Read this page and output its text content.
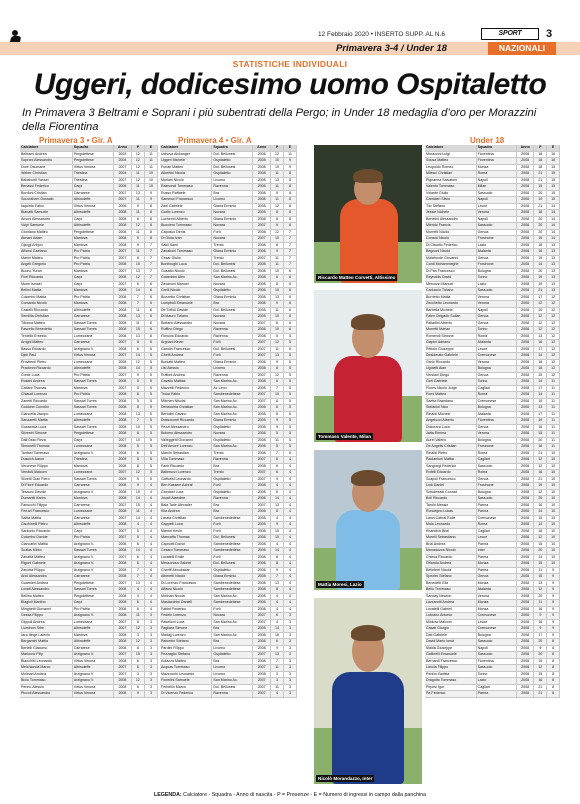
12 Febbraio 2020 • INSERTO SUPP. AL N.6	SPORT	3
Primavera 3-4 / Under 18	NAZIONALI
STATISTICHE INDIVIDUALI
Uggeri, dodicesimo uomo Ospitaletto

In Primavera 3 Beltrami e Soprani i più subentrati della Pergo; in Under 18 medaglia d’oro per Morazzini della Fiorentina

Primavera 3 • Gir. A	Primavera 4 • Gir. A	Under 18
Calciatore	Squadra	Anno	P	E
Beltrami Andrea	Pergolettese	2003	12	11
Soprani Alessandro	Pergolettese	2004	12	11
Dore Osumane	Virtus Verona	2007	12	11
Weber Christian	Triestina	2004	11	10
Bababoeli Yasser	Triestina	2007	12	10
Benassi Federico	Carpi	2006	11	10
Bordoni Cristian	Carrarese	2007	13	9
Souvrahem Oussalo	Albinoleffe	2007	11	9
Iaquinta Fabio	Virtus Verona	2006	9	8
Bianatti Samuele	Albinoleffe	2008	11	8
Amoni Alessandro	Carpi	2008	8	8
Volpi Samuele	Albinoleffe	2008	12	8
Giordano Matteo	Pergolettese	2008	11	8
Atmani Adam	Mantova	2008	9	8
Gjergji Arbjon	Mantova	2008	9	7
Alfonsi Gaetano	Pro Patria	2007	11	7
Marini Matteo	Pro Patria	2007	8	7
Angeli Gregorio	Pro Patria	2008	10	7
Buono Yuran	Mantova	2007	13	7
Fiori Riccardo	Carpi	2008	12	7
Mone Ismael	Carpi	2007	6	6
Bellini Mattia	Mantova	2008	14	6
Colombo Mattia	Pro Patria	2008	7	6
Comardo Nicolò	Mantova	2008	7	6
Castelli Riccardo	Albinoleffe	2008	11	6
Semillia Christian	Carrarese	2008	13	6
Tiliocca Matteo	Sassari Torres	2008	11	6
Fascello Benedetto	Sassari Torres	2008	15	6
Teniello Ernesto	Lumezzane	2008	13	6
Arrighi Matteo	Carrarese	2007	8	6
Basso Edoardo	Arzignano V.	2008	6	6
Djeli Paul	Virtus Verona	2007	14	5
Provitenti Pietro	Lumezzane	2008	12	5
Pradonni Riccardo	Albinoleffe	2008	14	5
Conte Luca	Pro Patria	2007	9	5
Rosani Andrea	Sassari Torres	2008	5	5
Cattani Thomas	Mantova	2007	5	5
Chiaudi Lorenzo	Pro Patria	2008	8	5
Zanetti Riccardo	Sassari Torres	2008	5	5
Goldone Cornelio	Sassari Torres	2008	8	5
Ciancella Jacopo	Lumezzane	2008	13	5
Sanzarelli Mattia	Albinoleffe	2008	7	5
Gossedda Luca	Sassari Torres	2008	10	5
Silvestri Simone	Pergolettese	2008	8	5
Dall’Osso Reza	Carpi	2007	10	5
Simonelli Thomas	Lumezzane	2008	5	5
Tanfani Tommaso	Arzignano V.	2008	6	5
Duscich Aaron	Triestina	2009	5	5
Veronese Filippo	Mantova	2008	8	5
Venduti Malcom	Lumezzane	2007	12	5
Silvetti Gian Piero	Sassari Torres	2009	5	5
Di Fiore Edoardo	Carrarese	2008	9	4
Tesauro Davide	Arzignano V.	2008	10	4
Dumaniti Karim	Mantova	2008	14	4
Fanucchi Filippo	Carrarese	2007	15	4
Ferrari Francesco	Lumezzane	2008	11	4
Saltta Mattia	Carrarese	2007	14	4
Cischinelli Pietro	Albinoleffe	2008	4	4
Santonio Riccardo	Carpi	2007	5	4
Colombo Davide	Pro Patria	2007	5	4
Ciancarini Mattia	Arzignano V.	2008	6	4
Scalas Mirko	Sassari Torres	2008	14	4
Zanatta Matteo	Arzignano V.	2007	6	4
Rigoni Gabriele	Arzignano V.	2008	6	4
Zanotta Filippo	Arzignano V.	2008	7	4
Arici Alessandro	Carrarese	2008	7	4
Guarnieri Andrea	Pergolettese	2007	13	4
Lovati Alessandro	Sassari Torres	2008	4	4
Bellino Matteo	Pergolettese	2008	4	4
Biagioli Martino	Carpi	2008	6	4
Minghetti Giovanni	Pro Patria	2008	6	4
Gessa Filippo	Arzignano V.	2008	11	3
Gippoli Andrea	Lumezzane	2007	8	3
Liuminon Sitre	Albinoleffe	2007	12	3
Iacu Ilinge Lalenin	Mantova	2008	3	3
Bergamini Mattia	Albinoleffe	2008	12	3
Bertelli Giacomo	Carrarese	2008	8	3
Markovic Filip	Arzignano V.	2007	15	3
Bianchini Leonardo	Virtus Verona	2008	6	3
Melchionda Marco	Albinoleffe	2007	6	3
Molinari Andrea	Arzignano V.	2007	3	3
Biolo Tommaso	Arzignano V.	2008	12	3
Perino Alessio	Virtus Verona	2008	6	3
Piccoli Alessandro	Virtus Verona	2008	9	3
Calciatore	Squadra	Anno	P	E
Uchova Alckanger	Dol. Bellunesi	2008	12	11
Uggeri Michele	Ospitaletto	2008	10	9
Furlan Matteo	Dol. Bellunesi	2008	10	9
Albertini Nicola	Ospitaletto	2008	11	8
Morlani Nicolò	Livorno	2008	13	8
Raimondi Tommaso	Ravenna	2008	11	8
Russo Raffaele	Bra	2008	9	8
Sammuri Francesco	Livorno	2008	11	8
Zani Gabriele	Giana Erminio	2008	12	8
Godio Lorenzo	Novara	2008	8	8
Lucherini Alberto	Giana Erminio	2008	8	8
Bucciero Tommaso	Novara	2007	9	8
Caposco Denis	Forlì	2008	12	7
Di Gioia Ivan	Novara	2007	10	7
Sakil Sami	Trento	2008	8	7
Zanaboni Tommaso	Giana Erminio	2008	9	7
Cesar Giulio	Trento	2007	11	7
Bonifoughi Luca	Dol. Bellunesi	2008	11	7
Gusatto Nicolò	Dol. Bellunesi	2008	10	6
Colombini Alex	San Marino Ac.	2008	6	6
Zavanoni Manuel	Novara	2008	8	6
Grelli Nicolò	Ospitaletto	2008	10	6
Bozzetto Christian	Giana Erminio	2008	13	6
Lumpboli Emanuele	Bra	2008	9	6
De Toffoli Davide	Dol. Bellunesi	2008	11	6
Di Mauro Tiziano	Novara	2008	10	6
Bottarlo Alessandro	Novara	2007	6	6
Ruffino Diego	Ravenna	2008	10	6
Fiorucio Edoardo	Ravenna	2008	5	5
Argnani Kevin	Forlì	2007	12	5
Gandin Francesco	Dol. Bellunesi	2007	11	5
Ghetti Andrea	Forlì	2007	13	5
Boniatti Matteo	Giana Erminio	2008	9	5
Lisi Alessio	Livorno	2008	8	5
Ruffoni Andrea	Ravenna	2007	12	5
Cavallo Mattias	San Marino Ac.	2008	6	5
Mazzelli Federico	Ac Leon	2008	7	5
Troka Fabio	Sambenedettese	2007	10	5
Mitchen Nikolai	San Marino Ac.	2007	8	5
Dehecchia Christian	San Marino Ac.	2008	6	5
Bertolini Gavino	San Marino Ac.	2008	8	5
Dossoconti Riccardo	Giana Erminio	2008	9	5
Pezzi Alessandro	Ospitaletto	2008	9	5
Bolomo Alessandro	Novara	2008	5	5
Valleggetti Giovanni	Ospitaletto	2008	11	5
Dell’Amore Lorenzo	San Marino Ac.	2008	5	5
Marchi Sebastian	Trento	2008	7	5
Villa Tommaso	Ravenna	2007	6	4
Fanti Riccardo	Bra	2008	6	4
Ballerucci Lorenzo	Trento	2007	6	4
Gaffurini Leonardo	Ospitaletto	2007	9	4
Ben Kassem Achraf	Forlì	2008	4	4
Giordani Luca	Ospitaletto	2008	6	4
Jouali Alaedine	Ravenna	2008	14	4
Bala Tade Alexader	Bra	2007	13	4
Kita Andrea	Bra	2008	8	4
Laraia Christian	Sambenedettese	2008	4	4
Cappelli Luca	Forlì	2008	9	4
Maroni Kevin	Forlì	2008	10	4
Mancaffa Thomas	Dol. Bellunesi	2008	15	4
Capriotti David	Sambenedettese	2008	4	4
Cesaro Tommaso	Sambenedettese	2008	14	4
Locatelli Emile	Forlì	2008	8	4
Messorosa Gabriel	Dol. Bellunesi	2008	8	4
Cheriff Aboubacar	Ospitaletto	2008	9	4
Alberetti Nicolò	Giana Erminio	2008	7	4
Di Lorenzo Francesco	Sambenedettese	2008	13	4
Affacsi Nicolò	Sambenedettese	2008	8	4
Molinari Nicola	San Marino Ac.	2008	4	4
Mastacchini Daniell	Sambenedettese	2008	4	4
Fabbri Federico	Forlì	2008	4	4
Fedele Lorenzo	Novara	2007	6	3
Paselloni Luca	San Marino Ac.	2007	4	3
Pagliara Simone	Bra	2008	14	3
Madajj Lorenzo	San Marino Ac.	2008	16	3
Palumbo Stefano	Bra	2008	6	3
Pardini Filippo	Livorno	2008	9	3
Pezzaglio Stefano	Ospitaletto	2007	13	3
Kotazzo Matteo	Bra	2008	7	3
Acquas Tommaso	Livorno	2007	11	3
Mazzocchi Leonardo	Livorno	2008	3	3
Fiorellini Samuele	San Marino Ac.	2007	3	3
Ferbellin Marco	Dol. Bellunesi	2007	11	3
Di Vicenzo Federico	Ravenna	2007	4	3
Calciatore	Squadra	Anno	P	E
Morazzini Luigi	Fiorentina	2008	18	16
Sousa Matteo	Fiorentina	2008	18	16
Leopoldo Romeo	Monza	2008	18	15
Milesci Christian	Roma	2008	21	15
Pignanna Salvatore	Napoli	2008	21	15
Valentu Tommaso	Milan	2008	19	15
Volante Giulio	Sassuolo	2008	20	15
Cambieri Silvio	Napoli	2008	19	15
Tiio Stefano	Lecce	2008	21	14
Jessie Nichele	Verona	2008	18	14
Benetini Alessandro	Napoli	2008	20	14
Mlendo Francis	Sassuolo	2008	20	14
Morretti Nicolò	Genoa	2008	20	14
Consoli Nicolò	Frosinone	2008	19	14
Di Claudio Federico	Lazio	2008	18	13
Begnoni Nicolò	Atalanta	2008	16	13
Malafronte Giovanni	Genoa	2008	19	13
Cordi Mohammeghe	Frosinone	2008	14	13
Di Pan Francesco	Bologna	2008	20	13
Reynolds David	Torino	2008	19	13
Mercozzi Manuel	Lazio	2008	19	13
Carluccio Tiziano	Sassuolo	2008	21	13
Burrietto Mattia	Verona	2008	17	12
Zecchetto Leonardo	Verona	2008	12	12
Barbella Michele	Napoli	2008	20	12
Falen Delgado Sullan	Genoa	2008	12	12
Palladini Alberto	Genoa	2008	12	12
Morretti Marian	Torino	2008	12	12
Romendi Simone	Roma	2008	13	12
Ciapini Adriano	Atalanta	2008	16	12
Pettolo Giuseppe	Lecce	2008	17	12
Desiderato Gabriele	Cremonese	2008	14	12
Orelo Riccardo	Verona	2008	18	12
Ugoletti Alan	Bologna	2008	18	12
Versiani Diego	Genoa	2008	15	12
Gori Gabriele	Torino	2008	14	11
Flores Nicolò Jorge	Cagliari	2008	17	11
Forni Matteo	Roma	2008	14	11
Saetta Brandano	Cremonese	2008	19	11
Stefanini Nico	Bologna	2008	13	11
Rinaldi Michele	Atalanta	2008	17	11
Angelucci Alberto	Fiorentina	2008	19	11
Dolcezza Luca	Genoa	2008	16	11
Jatta Ebrima	Verona	2008	15	11
Aurel Valerio	Bologna	2008	20	11
De Angelis Cristian	Frosinone	2008	18	11
Rinaldi Pietro	Roma	2008	21	10
Paolantoni Mattia	Cagliari	2008	12	10
Sangiorgi Federico	Sassuolo	2008	12	10
Rofelli Edoardo	Roma	2008	16	10
Scapoli Francesco	Genoa	2008	21	10
Lodi Daniel	Frosinone	2008	19	10
Sobolewski Conrad	Bologna	2008	12	10
Boli Riccardo	Sassuolo	2008	20	10
Tarolo Alessio	Parma	2008	16	10
Roncegno Lukas	Parma	2008	14	10
Lanzi Cabral Rolle	Cremonese	2008	15	10
Mola Leonardo	Roma	2008	14	10
Khandich Bilal	Cagliari	2008	18	10
Morelli Sebastiano	Lecce	2008	12	10
Brizi Andrea	Parma	2008	15	10
Monaduzza Nicolò	Inter	2008	20	10
Chiesa Riccardo	Parma	2008	14	10
Orlando Andrea	Monza	2008	15	10
Belleferri Nicola	Parma	2008	11	9
Spezier Stefano	Genoa	2008	15	9
Benedetti Elia	Monza	2008	13	9
Bello Tommaso	Atalanta	2008	12	9
Sanday Newton	Verona	2008	20	9
Lazzarotti Andrea	Monza	2008	11	9
Locatelli Gabriel	Monza	2008	16	9
Lobrano Antonio	Cremonese	2008	9	9
Minkow Malcom	Lecce	2008	16	9
Casati Giorgio	Cremonese	2008	9	9
Dati Gabriele	Bologna	2008	17	9
David Mario Ionut	Sassuolo	2008	20	8
Maida Giuseppe	Napoli	2008	9	8
Gallinelli Emanuele	Sassuolo	2008	20	8
Bernardi Francesco	Fiorentina	2008	15	8
Lancia Filippo	Sassuolo	2008	12	8
Penfoo Batista	Torino	2008	15	8
Dragotto Tommaso	Lazio	2008	16	8
Pirpesi Igor	Cagliari	2008	21	8
Pa Federico	Parma	2008	21	8
Riccardo Matteo Corvetti, Altissimo
Tommaso Valente, Milan
Mattia Moresi, Lazio
Nicolò Morandazzo, Inter
LEGENDA: Calciatore - Squadra - Anno di nascita - P = Presenze - E = Numero di ingressi in campo dalla panchina
